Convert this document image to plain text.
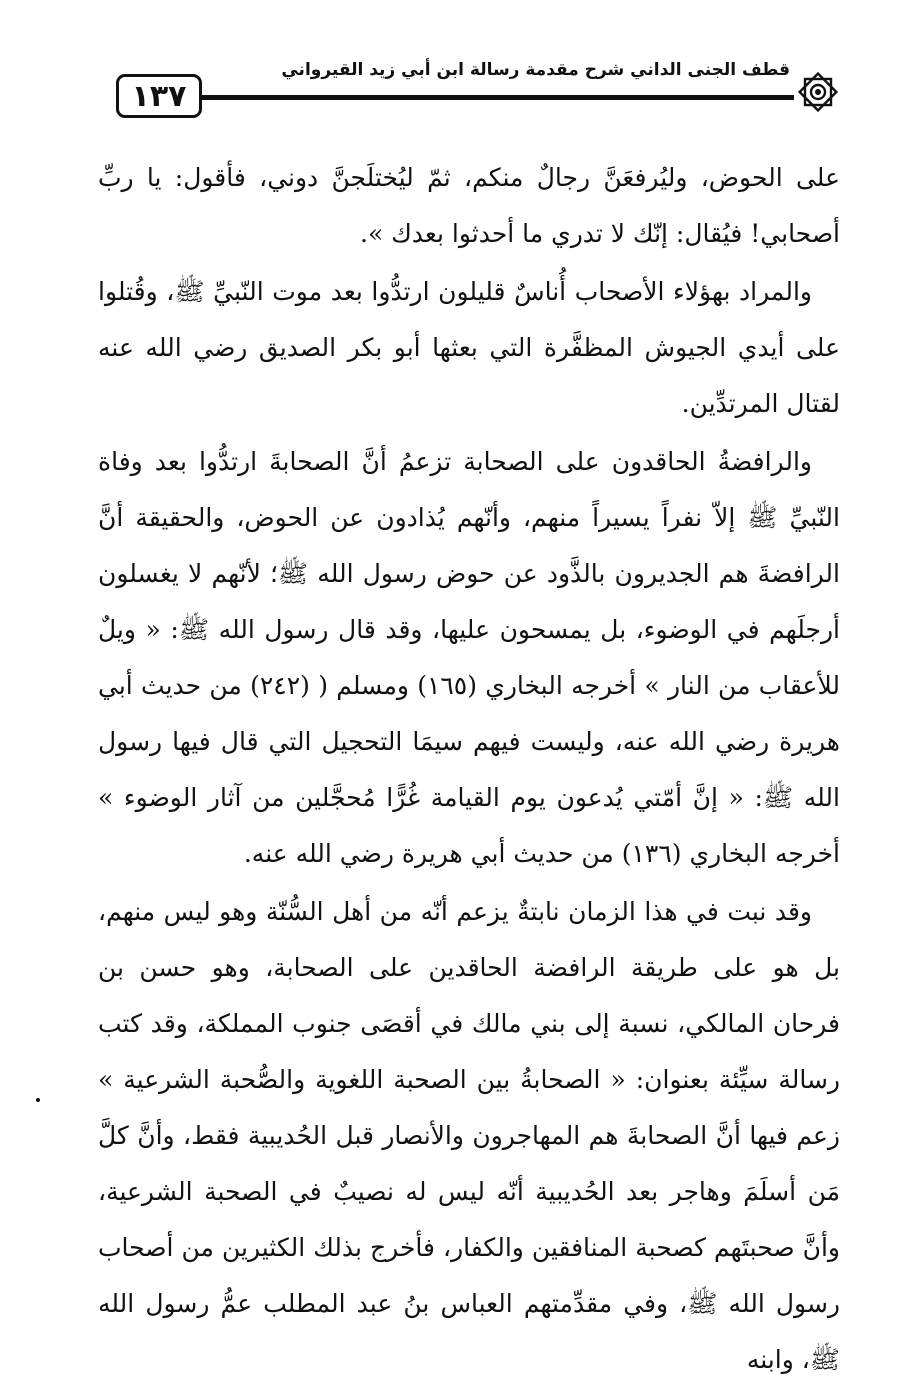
١٣٧
قطف الجنى الداني شرح مقدمة رسالة ابن أبي زيد القيرواني

على الحوض، وليُرفعَنَّ رجالٌ منكم، ثمّ ليُختلَجنَّ دوني، فأقول: يا ربِّ أصحابي! فيُقال: إنّك لا تدري ما أحدثوا بعدك ».

والمراد بهؤلاء الأصحاب أُناسٌ قليلون ارتدُّوا بعد موت النّبيِّ ﷺ، وقُتلوا على أيدي الجيوش المظفَّرة التي بعثها أبو بكر الصديق رضي الله عنه لقتال المرتدِّين.

والرافضةُ الحاقدون على الصحابة تزعمُ أنَّ الصحابةَ ارتدُّوا بعد وفاة النّبيِّ ﷺ إلاّ نفراً يسيراً منهم، وأنّهم يُذادون عن الحوض، والحقيقة أنَّ الرافضةَ هم الجديرون بالذَّود عن حوض رسول الله ﷺ؛ لأنّهم لا يغسلون أرجلَهم في الوضوء، بل يمسحون عليها، وقد قال رسول الله ﷺ: « ويلٌ للأعقاب من النار » أخرجه البخاري (١٦٥) ومسلم ( (٢٤٢) من حديث أبي هريرة رضي الله عنه، وليست فيهم سيمَا التحجيل التي قال فيها رسول الله ﷺ: « إنَّ أمّتي يُدعون يوم القيامة غُرًّا مُحجَّلين من آثار الوضوء » أخرجه البخاري (١٣٦) من حديث أبي هريرة رضي الله عنه.

وقد نبت في هذا الزمان نابتةٌ يزعم أنّه من أهل السُّنّة وهو ليس منهم، بل هو على طريقة الرافضة الحاقدين على الصحابة، وهو حسن بن فرحان المالكي، نسبة إلى بني مالك في أقصَى جنوب المملكة، وقد كتب رسالة سيِّئة بعنوان: « الصحابةُ بين الصحبة اللغوية والصُّحبة الشرعية » زعم فيها أنَّ الصحابةَ هم المهاجرون والأنصار قبل الحُديبية فقط، وأنَّ كلَّ مَن أسلَمَ وهاجر بعد الحُديبية أنّه ليس له نصيبٌ في الصحبة الشرعية، وأنَّ صحبتَهم كصحبة المنافقين والكفار، فأخرج بذلك الكثيرين من أصحاب رسول الله ﷺ، وفي مقدِّمتهم العباس بنُ عبد المطلب عمُّ رسول الله ﷺ، وابنه
